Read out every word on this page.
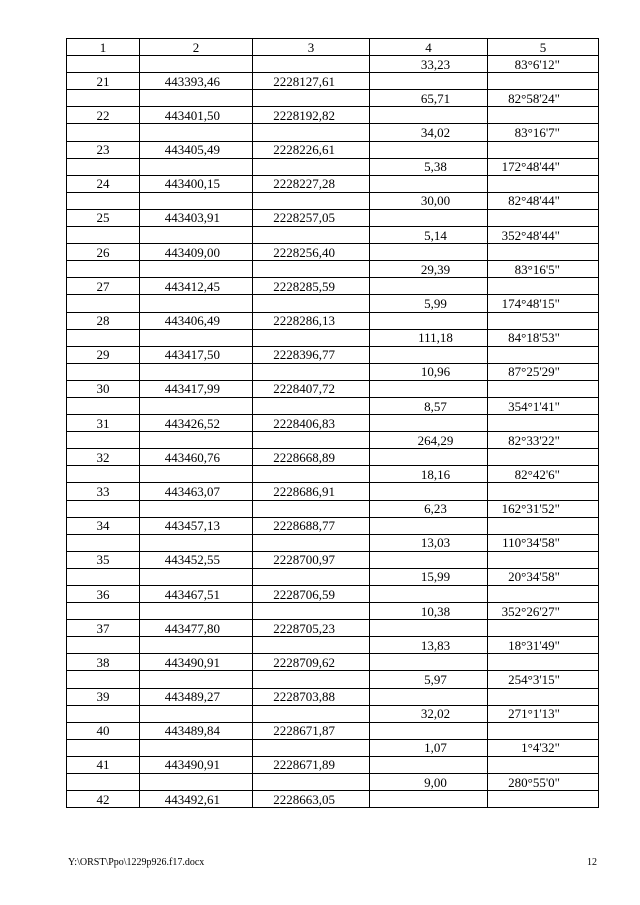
1	2	3	4	5
			33,23	83°6'12"
21	443393,46	2228127,61		
			65,71	82°58'24"
22	443401,50	2228192,82		
			34,02	83°16'7"
23	443405,49	2228226,61		
			5,38	172°48'44"
24	443400,15	2228227,28		
			30,00	82°48'44"
25	443403,91	2228257,05		
			5,14	352°48'44"
26	443409,00	2228256,40		
			29,39	83°16'5"
27	443412,45	2228285,59		
			5,99	174°48'15"
28	443406,49	2228286,13		
			111,18	84°18'53"
29	443417,50	2228396,77		
			10,96	87°25'29"
30	443417,99	2228407,72		
			8,57	354°1'41"
31	443426,52	2228406,83		
			264,29	82°33'22"
32	443460,76	2228668,89		
			18,16	82°42'6"
33	443463,07	2228686,91		
			6,23	162°31'52"
34	443457,13	2228688,77		
			13,03	110°34'58"
35	443452,55	2228700,97		
			15,99	20°34'58"
36	443467,51	2228706,59		
			10,38	352°26'27"
37	443477,80	2228705,23		
			13,83	18°31'49"
38	443490,91	2228709,62		
			5,97	254°3'15"
39	443489,27	2228703,88		
			32,02	271°1'13"
40	443489,84	2228671,87		
			1,07	1°4'32"
41	443490,91	2228671,89		
			9,00	280°55'0"
42	443492,61	2228663,05		
Y:\ORST\Ppo\1229p926.f17.docx	12
